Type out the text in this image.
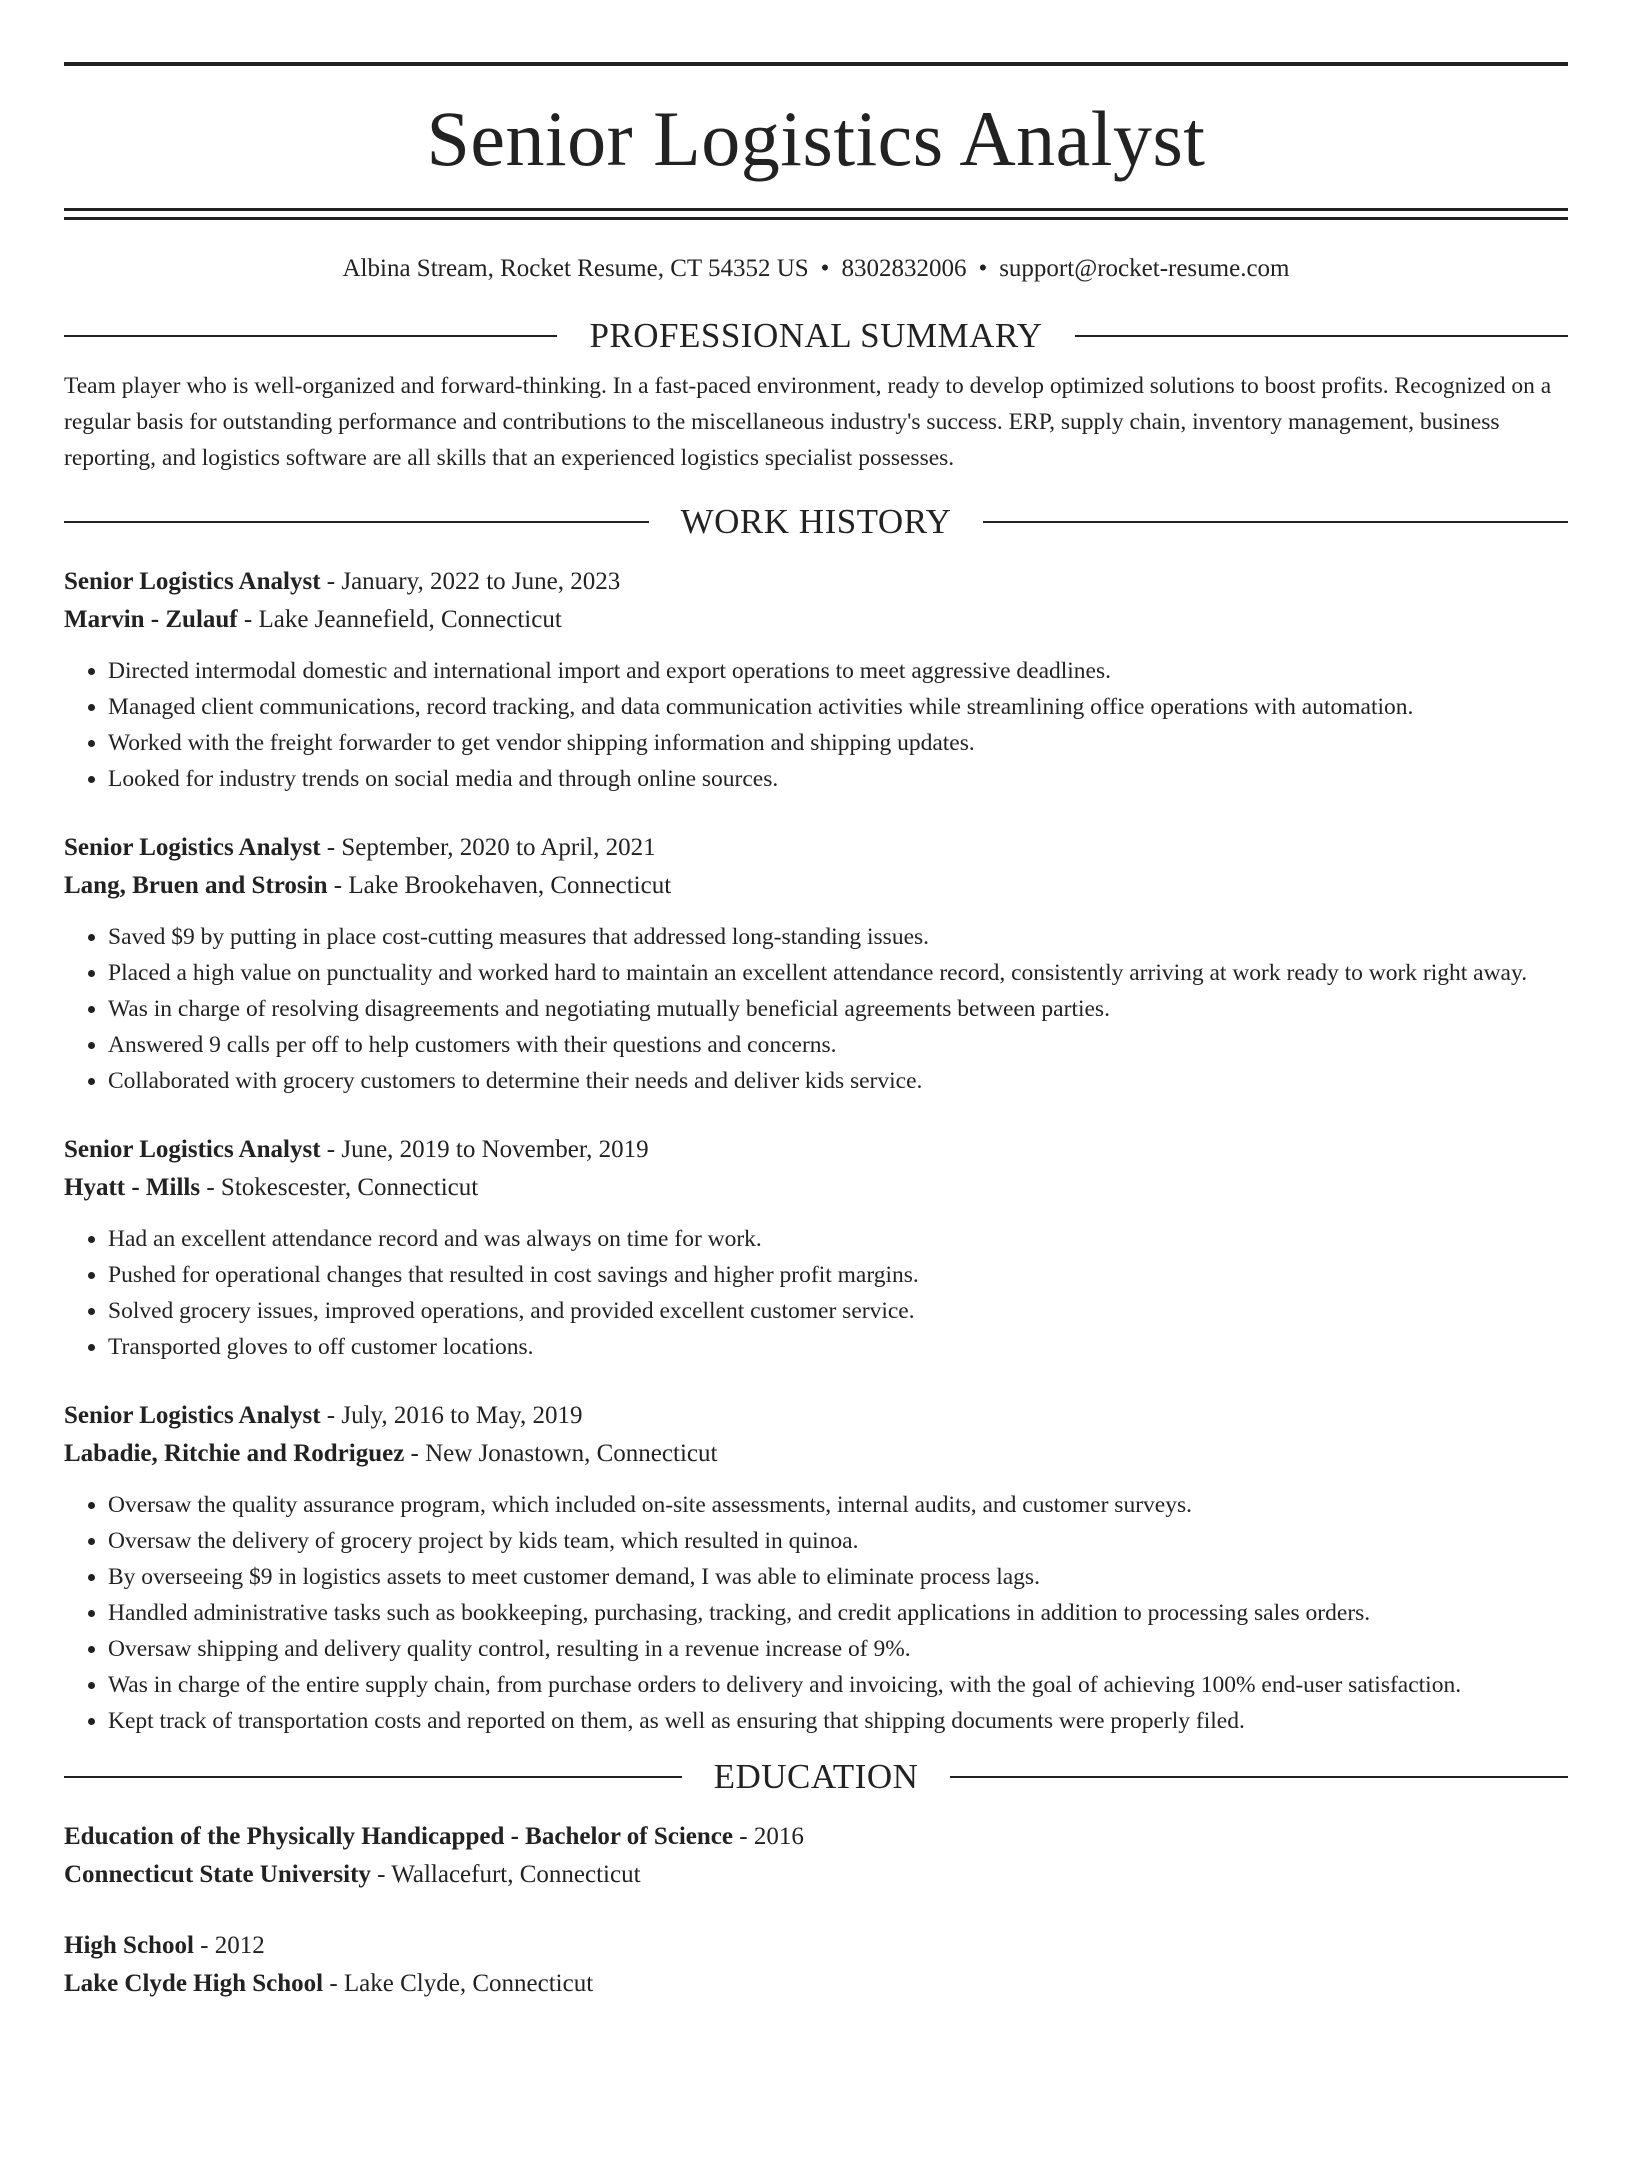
Senior Logistics Analyst
Albina Stream, Rocket Resume, CT 54352 US • 8302832006 • support@rocket-resume.com
PROFESSIONAL SUMMARY

Team player who is well-organized and forward-thinking. In a fast-paced environment, ready to develop optimized solutions to boost profits. Recognized on a regular basis for outstanding performance and contributions to the miscellaneous industry's success. ERP, supply chain, inventory management, business reporting, and logistics software are all skills that an experienced logistics specialist possesses.

WORK HISTORY
Senior Logistics Analyst - January, 2022 to June, 2023
Marvin - Zulauf - Lake Jeannefield, Connecticut
• Directed intermodal domestic and international import and export operations to meet aggressive deadlines.
• Managed client communications, record tracking, and data communication activities while streamlining office operations with automation.
• Worked with the freight forwarder to get vendor shipping information and shipping updates.
• Looked for industry trends on social media and through online sources.
Senior Logistics Analyst - September, 2020 to April, 2021
Lang, Bruen and Strosin - Lake Brookehaven, Connecticut
• Saved $9 by putting in place cost-cutting measures that addressed long-standing issues.
• Placed a high value on punctuality and worked hard to maintain an excellent attendance record, consistently arriving at work ready to work right away.
• Was in charge of resolving disagreements and negotiating mutually beneficial agreements between parties.
• Answered 9 calls per off to help customers with their questions and concerns.
• Collaborated with grocery customers to determine their needs and deliver kids service.
Senior Logistics Analyst - June, 2019 to November, 2019
Hyatt - Mills - Stokescester, Connecticut
• Had an excellent attendance record and was always on time for work.
• Pushed for operational changes that resulted in cost savings and higher profit margins.
• Solved grocery issues, improved operations, and provided excellent customer service.
• Transported gloves to off customer locations.
Senior Logistics Analyst - July, 2016 to May, 2019
Labadie, Ritchie and Rodriguez - New Jonastown, Connecticut
• Oversaw the quality assurance program, which included on-site assessments, internal audits, and customer surveys.
• Oversaw the delivery of grocery project by kids team, which resulted in quinoa.
• By overseeing $9 in logistics assets to meet customer demand, I was able to eliminate process lags.
• Handled administrative tasks such as bookkeeping, purchasing, tracking, and credit applications in addition to processing sales orders.
• Oversaw shipping and delivery quality control, resulting in a revenue increase of 9%.
• Was in charge of the entire supply chain, from purchase orders to delivery and invoicing, with the goal of achieving 100% end-user satisfaction.
• Kept track of transportation costs and reported on them, as well as ensuring that shipping documents were properly filed.
EDUCATION
Education of the Physically Handicapped - Bachelor of Science - 2016
Connecticut State University - Wallacefurt, Connecticut
High School - 2012
Lake Clyde High School - Lake Clyde, Connecticut
